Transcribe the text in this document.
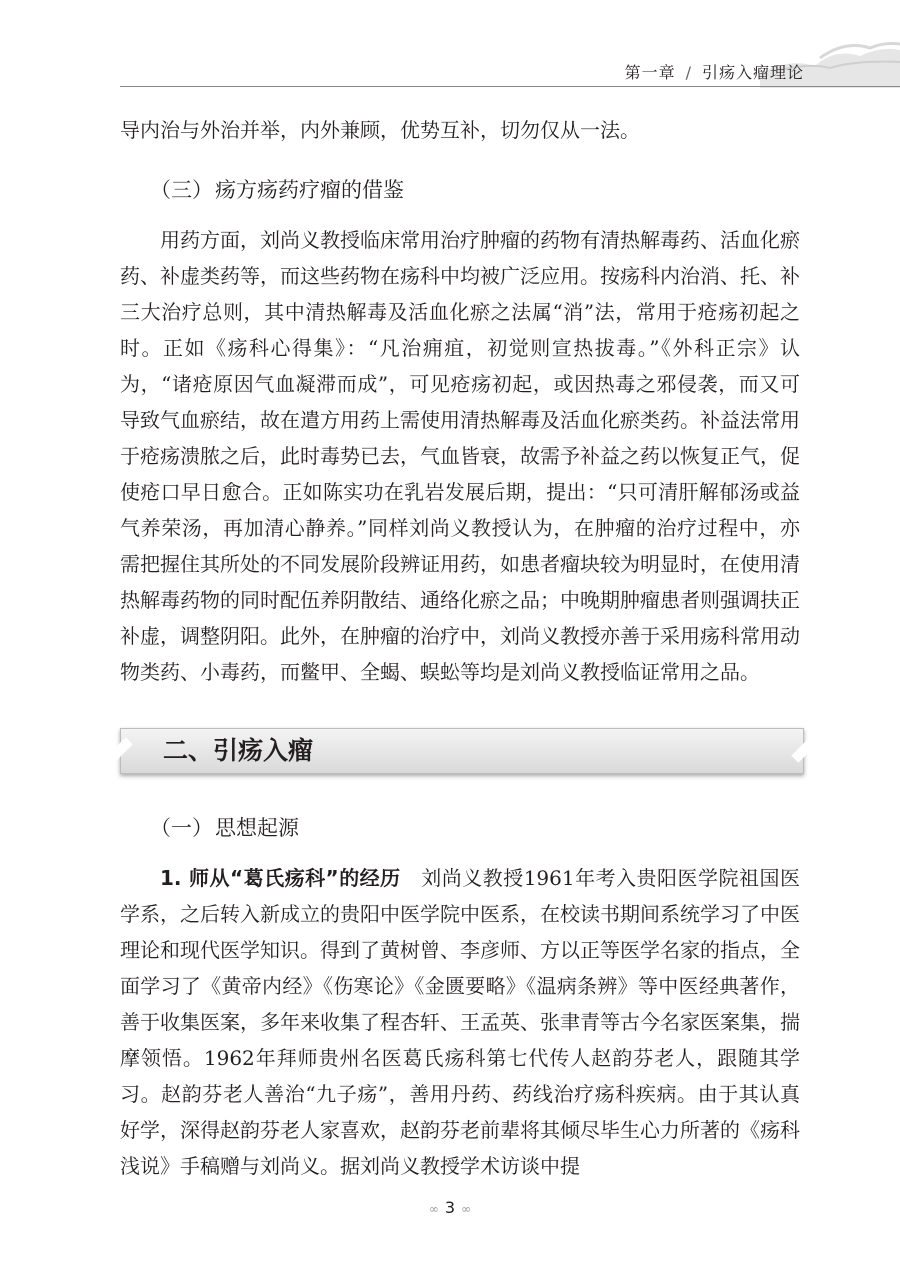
第一章 / 引疡入瘤理论

导内治与外治并举，内外兼顾，优势互补，切勿仅从一法。

（三）疡方疡药疗瘤的借鉴

用药方面，刘尚义教授临床常用治疗肿瘤的药物有清热解毒药、活血化瘀药、补虚类药等，而这些药物在疡科中均被广泛应用。按疡科内治消、托、补三大治疗总则，其中清热解毒及活血化瘀之法属“消”法，常用于疮疡初起之时。正如《疡科心得集》：“凡治痈疽，初觉则宣热拔毒。”《外科正宗》认为，“诸疮原因气血凝滞而成”，可见疮疡初起，或因热毒之邪侵袭，而又可导致气血瘀结，故在遣方用药上需使用清热解毒及活血化瘀类药。补益法常用于疮疡溃脓之后，此时毒势已去，气血皆衰，故需予补益之药以恢复正气，促使疮口早日愈合。正如陈实功在乳岩发展后期，提出：“只可清肝解郁汤或益气养荣汤，再加清心静养。”同样刘尚义教授认为，在肿瘤的治疗过程中，亦需把握住其所处的不同发展阶段辨证用药，如患者瘤块较为明显时，在使用清热解毒药物的同时配伍养阴散结、通络化瘀之品；中晚期肿瘤患者则强调扶正补虚，调整阴阳。此外，在肿瘤的治疗中，刘尚义教授亦善于采用疡科常用动物类药、小毒药，而鳖甲、全蝎、蜈蚣等均是刘尚义教授临证常用之品。

二、引疡入瘤
（一）思想起源

1. 师从“葛氏疡科”的经历 刘尚义教授1961年考入贵阳医学院祖国医学系，之后转入新成立的贵阳中医学院中医系，在校读书期间系统学习了中医理论和现代医学知识。得到了黄树曾、李彦师、方以正等医学名家的指点，全面学习了《黄帝内经》《伤寒论》《金匮要略》《温病条辨》等中医经典著作，善于收集医案，多年来收集了程杏轩、王孟英、张聿青等古今名家医案集，揣摩领悟。1962年拜师贵州名医葛氏疡科第七代传人赵韵芬老人，跟随其学习。赵韵芬老人善治“九子疡”，善用丹药、药线治疗疡科疾病。由于其认真好学，深得赵韵芬老人家喜欢，赵韵芬老前辈将其倾尽毕生心力所著的《疡科浅说》手稿赠与刘尚义。据刘尚义教授学术访谈中提

∞ 3 ∞
